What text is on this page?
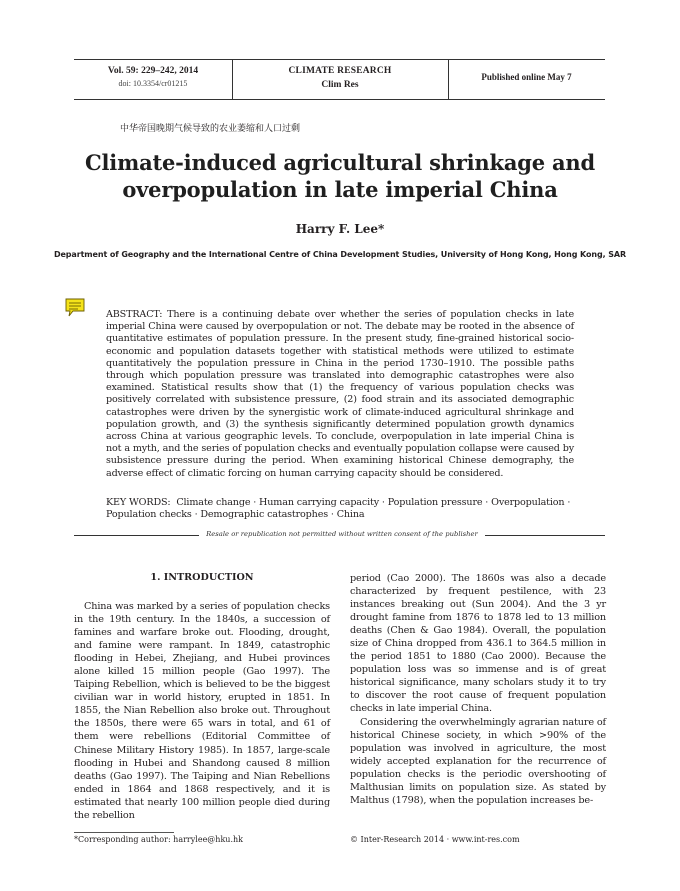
Vol. 59: 229–242, 2014
doi: 10.3354/cr01215
CLIMATE RESEARCH
Clim Res
Published online May 7
中华帝国晚期气候导致的农业萎缩和人口过剩
Climate-induced agricultural shrinkage and overpopulation in late imperial China
Harry F. Lee*
Department of Geography and the International Centre of China Development Studies, University of Hong Kong, Hong Kong, SAR

ABSTRACT: There is a continuing debate over whether the series of population checks in late imperial China were caused by overpopulation or not. The debate may be rooted in the absence of quantitative estimates of population pressure. In the present study, fine-grained historical socio-economic and population datasets together with statistical methods were utilized to estimate quantitatively the population pressure in China in the period 1730–1910. The possible paths through which population pressure was translated into demographic catastrophes were also examined. Statistical results show that (1) the frequency of various population checks was positively correlated with subsistence pressure, (2) food strain and its associated demographic catastrophes were driven by the synergistic work of climate-induced agricultural shrinkage and population growth, and (3) the synthesis significantly determined population growth dynamics across China at various geographic levels. To conclude, overpopulation in late imperial China is not a myth, and the series of population checks and eventually population collapse were caused by subsistence pressure during the period. When examining historical Chinese demography, the adverse effect of climatic forcing on human carrying capacity should be considered.

KEY WORDS: Climate change · Human carrying capacity · Population pressure · Overpopulation · Population checks · Demographic catastrophes · China
Resale or republication not permitted without written consent of the publisher
1. INTRODUCTION

China was marked by a series of population checks in the 19th century. In the 1840s, a succession of famines and warfare broke out. Flooding, drought, and famine were rampant. In 1849, catastrophic flooding in Hebei, Zhejiang, and Hubei provinces alone killed 15 million people (Gao 1997). The Taiping Rebellion, which is believed to be the biggest civilian war in world history, erupted in 1851. In 1855, the Nian Rebellion also broke out. Throughout the 1850s, there were 65 wars in total, and 61 of them were rebellions (Editorial Committee of Chinese Military History 1985). In 1857, large-scale flooding in Hubei and Shandong caused 8 million deaths (Gao 1997). The Taiping and Nian Rebellions ended in 1864 and 1868 respectively, and it is estimated that nearly 100 million people died during the rebellion

period (Cao 2000). The 1860s was also a decade characterized by frequent pestilence, with 23 instances breaking out (Sun 2004). And the 3 yr drought famine from 1876 to 1878 led to 13 million deaths (Chen & Gao 1984). Overall, the population size of China dropped from 436.1 to 364.5 million in the period 1851 to 1880 (Cao 2000). Because the population loss was so immense and is of great historical significance, many scholars study it to try to discover the root cause of frequent population checks in late imperial China.

Considering the overwhelmingly agrarian nature of historical Chinese society, in which >90% of the population was involved in agriculture, the most widely accepted explanation for the recurrence of population checks is the periodic overshooting of Malthusian limits on population size. As stated by Malthus (1798), when the population increases be-

*Corresponding author: harrylee@hku.hk	© Inter-Research 2014 · www.int-res.com
